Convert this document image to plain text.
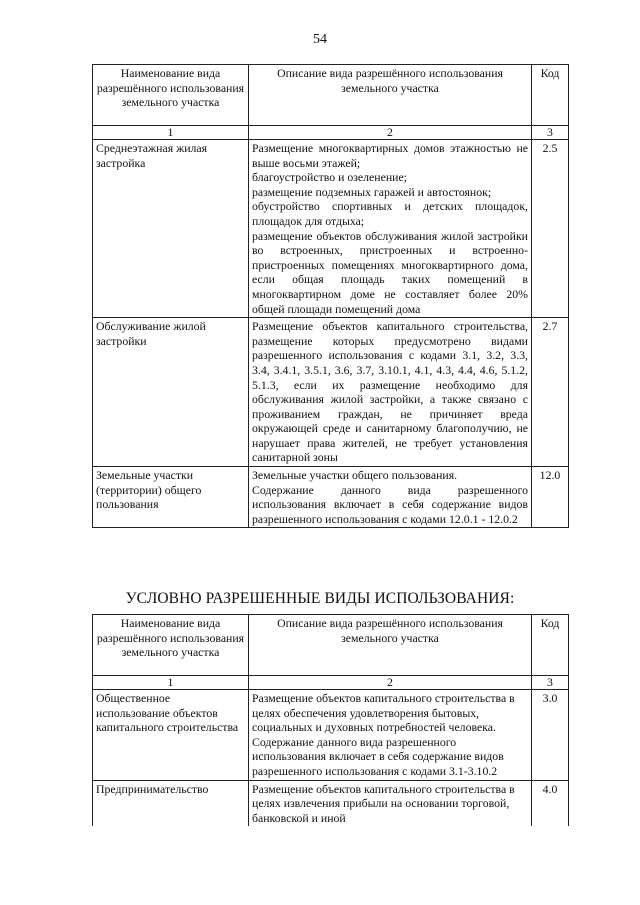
54
Наименование вида разрешённого использования земельного участка	Описание вида разрешённого использования земельного участка	Код
1	2	3
Среднеэтажная жилая застройка	Размещение многоквартирных домов этажностью не выше восьми этажей;
благоустройство и озеленение;
размещение подземных гаражей и автостоянок;
обустройство спортивных и детских площадок, площадок для отдыха;
размещение объектов обслуживания жилой застройки во встроенных, пристроенных и встроенно-пристроенных помещениях многоквартирного дома, если общая площадь таких помещений в многоквартирном доме не составляет более 20% общей площади помещений дома	2.5
Обслуживание жилой застройки	Размещение объектов капитального строительства, размещение которых предусмотрено видами разрешенного использования с кодами 3.1, 3.2, 3.3, 3.4, 3.4.1, 3.5.1, 3.6, 3.7, 3.10.1, 4.1, 4.3, 4.4, 4.6, 5.1.2, 5.1.3, если их размещение необходимо для обслуживания жилой застройки, а также связано с проживанием граждан, не причиняет вреда окружающей среде и санитарному благополучию, не нарушает права жителей, не требует установления санитарной зоны	2.7
Земельные участки (территории) общего пользования	Земельные участки общего пользования.
Содержание данного вида разрешенного использования включает в себя содержание видов разрешенного использования с кодами 12.0.1 - 12.0.2	12.0
УСЛОВНО РАЗРЕШЕННЫЕ ВИДЫ ИСПОЛЬЗОВАНИЯ:
Наименование вида разрешённого использования земельного участка	Описание вида разрешённого использования земельного участка	Код
1	2	3
Общественное использование объектов капитального строительства	Размещение объектов капитального строительства в целях обеспечения удовлетворения бытовых, социальных и духовных потребностей человека. Содержание данного вида разрешенного использования включает в себя содержание видов разрешенного использования с кодами 3.1-3.10.2	3.0
Предпринимательство	Размещение объектов капитального строительства в целях извлечения прибыли на основании торговой, банковской и иной	4.0
